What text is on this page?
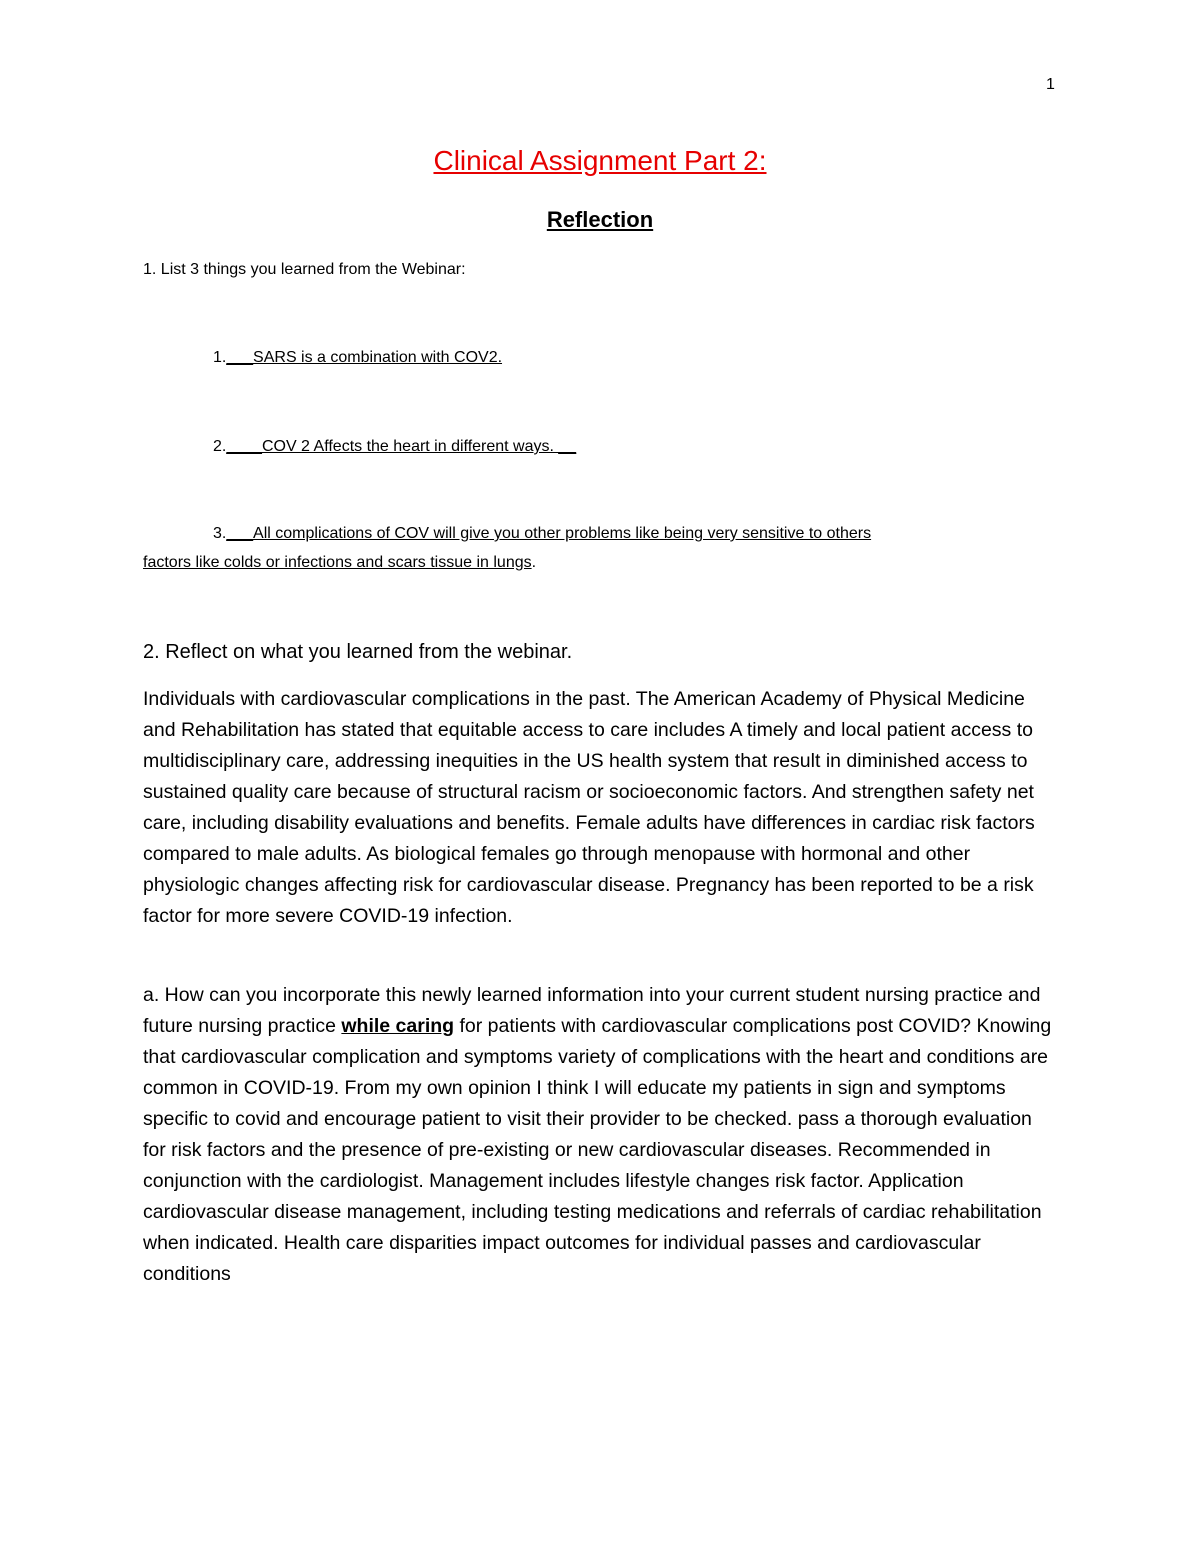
1
Clinical Assignment Part 2:
Reflection
1. List 3 things you learned from the Webinar:
1.___SARS is a combination with COV2.
2.____COV 2 Affects the heart in different ways. __
3.___All complications of COV will give you other problems like being very sensitive to others
factors like colds or infections and scars tissue in lungs.
2. Reflect on what you learned from the webinar.
Individuals with cardiovascular complications in the past. The American Academy of Physical Medicine and Rehabilitation has stated that equitable access to care includes A timely and local patient access to multidisciplinary care, addressing inequities in the US health system that result in diminished access to sustained quality care because of structural racism or socioeconomic factors. And strengthen safety net care, including disability evaluations and benefits. Female adults have differences in cardiac risk factors compared to male adults. As biological females go through menopause with hormonal and other physiologic changes affecting risk for cardiovascular disease. Pregnancy has been reported to be a risk factor for more severe COVID-19 infection.
a. How can you incorporate this newly learned information into your current student nursing practice and future nursing practice while caring for patients with cardiovascular complications post COVID? Knowing that cardiovascular complication and symptoms variety of complications with the heart and conditions are common in COVID-19. From my own opinion I think I will educate my patients in sign and symptoms specific to covid and encourage patient to visit their provider to be checked. pass a thorough evaluation for risk factors and the presence of pre-existing or new cardiovascular diseases. Recommended in conjunction with the cardiologist. Management includes lifestyle changes risk factor. Application cardiovascular disease management, including testing medications and referrals of cardiac rehabilitation when indicated. Health care disparities impact outcomes for individual passes and cardiovascular conditions
